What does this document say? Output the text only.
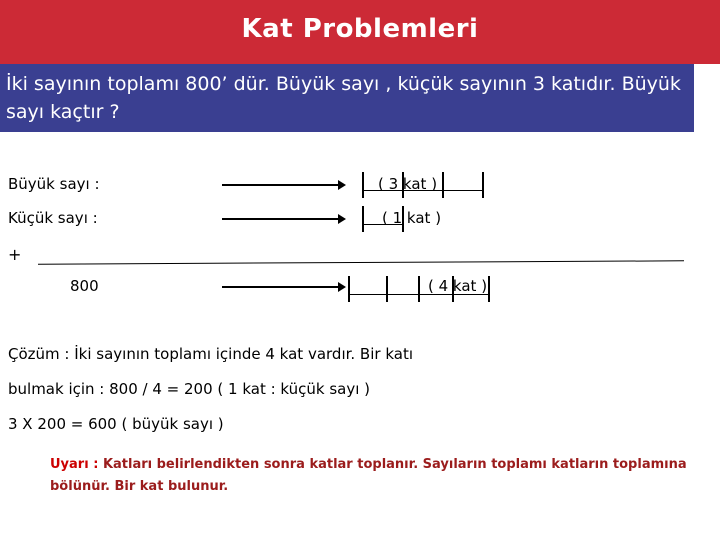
Kat Problemleri
İki sayının toplamı 800’ dür. Büyük sayı , küçük sayının 3 katıdır. Büyük sayı kaçtır ?
Büyük sayı :	( 3 kat )
Küçük sayı :	( 1 kat )
+
800	( 4 kat )
Çözüm : İki sayının toplamı içinde 4 kat vardır. Bir katı
bulmak için : 800 / 4 = 200 ( 1 kat : küçük sayı )
3 X 200 = 600 ( büyük sayı )
Uyarı : Katları belirlendikten sonra katlar toplanır. Sayıların toplamı katların toplamına bölünür. Bir kat bulunur.
